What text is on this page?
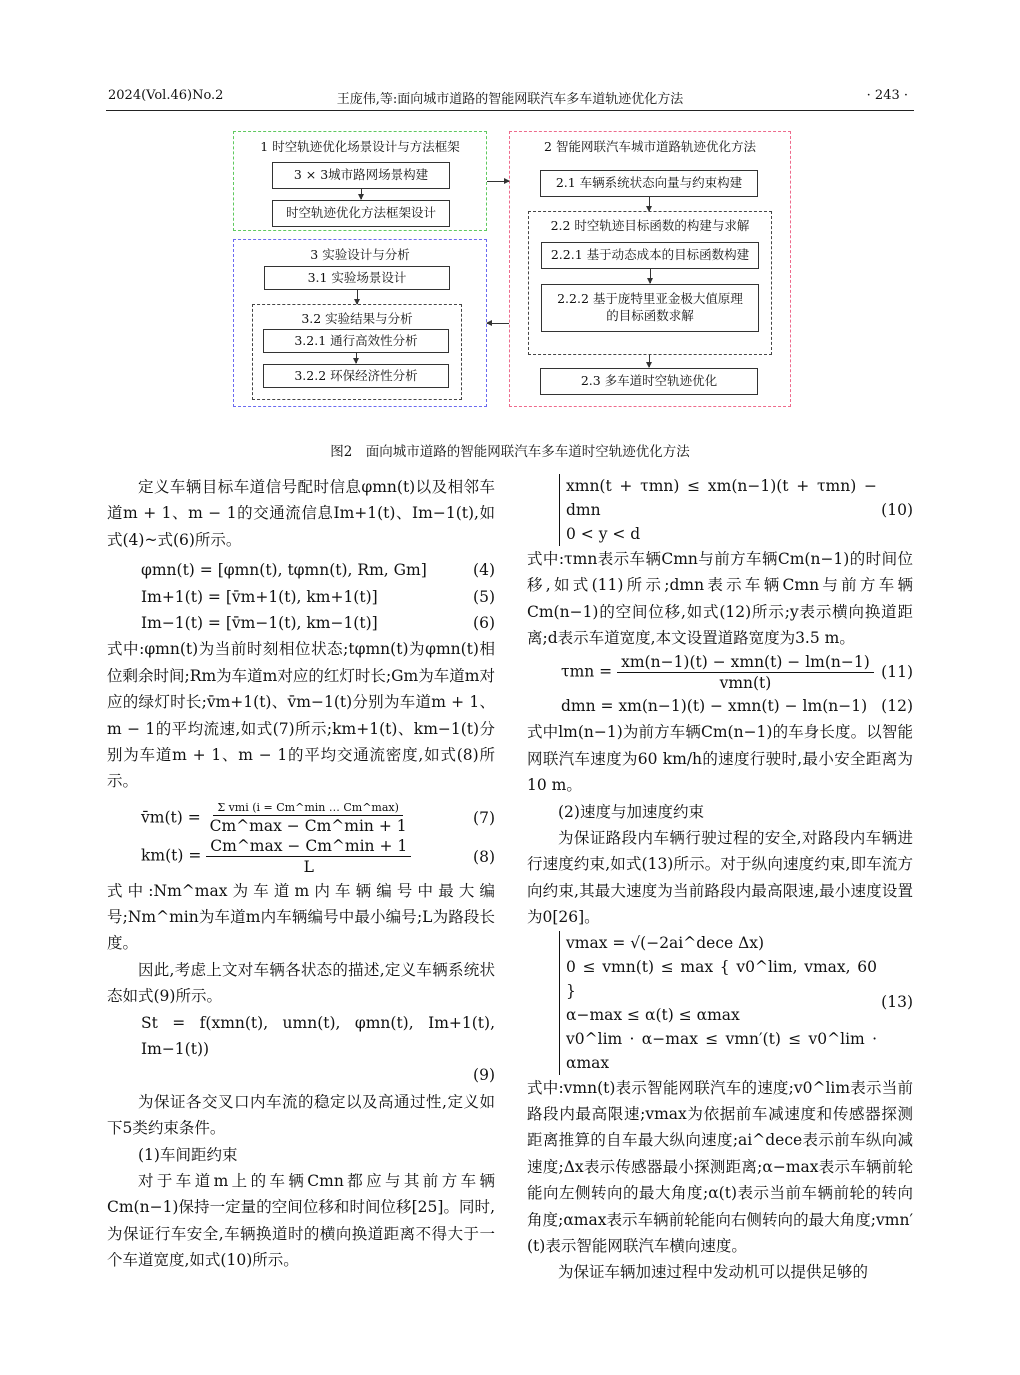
2024(Vol.46)No.2	王庞伟,等:面向城市道路的智能网联汽车多车道轨迹优化方法	· 243 ·
1 时空轨迹优化场景设计与方法框架
3 × 3城市路网场景构建
时空轨迹优化方法框架设计
3 实验设计与分析
3.1 实验场景设计
3.2 实验结果与分析
3.2.1 通行高效性分析
3.2.2 环保经济性分析
2 智能网联汽车城市道路轨迹优化方法
2.1 车辆系统状态向量与约束构建
2.2 时空轨迹目标函数的构建与求解
2.2.1 基于动态成本的目标函数构建
2.2.2 基于庞特里亚金极大值原理
的目标函数求解
2.3 多车道时空轨迹优化
图2　面向城市道路的智能网联汽车多车道时空轨迹优化方法

定义车辆目标车道信号配时信息φmn(t)以及相邻车道m + 1、m − 1的交通流信息Im+1(t)、Im−1(t),如式(4)~式(6)所示。

φmn(t) = [φmn(t), tφmn(t), Rm, Gm]	(4)
Im+1(t) = [v̄m+1(t), km+1(t)]	(5)
Im−1(t) = [v̄m−1(t), km−1(t)]	(6)

式中:φmn(t)为当前时刻相位状态;tφmn(t)为φmn(t)相位剩余时间;Rm为车道m对应的红灯时长;Gm为车道m对应的绿灯时长;v̄m+1(t)、v̄m−1(t)分别为车道m + 1、m − 1的平均流速,如式(7)所示;km+1(t)、km−1(t)分别为车道m + 1、m − 1的平均交通流密度,如式(8)所示。

v̄m(t) = $\frac{\text{Σ vmi (i = Cm\textasciicircum{}min … Cm\textasciicircum{}max)}}{Cm\^{}\max - Cm\^{}\min + 1}$	(7)
$km(t) = \frac{Cm\^{}\max - Cm\^{}\min + 1}{L}$	(8)

式中:Nm^max为车道m内车辆编号中最大编号;Nm^min为车道m内车辆编号中最小编号;L为路段长度。

因此,考虑上文对车辆各状态的描述,定义车辆系统状态如式(9)所示。

St = f(xmn(t), umn(t), φmn(t), Im+1(t), Im−1(t))
(9)

为保证各交叉口内车流的稳定以及高通过性,定义如下5类约束条件。

(1)车间距约束

对于车道m上的车辆Cmn都应与其前方车辆Cm(n−1)保持一定量的空间位移和时间位移[25]。同时,为保证行车安全,车辆换道时的横向换道距离不得大于一个车道宽度,如式(10)所示。

xmn(t + τmn) ≤ xm(n−1)(t + τmn) − dmn
0 < y < d
(10)

式中:τmn表示车辆Cmn与前方车辆Cm(n−1)的时间位移,如式(11)所示;dmn表示车辆Cmn与前方车辆Cm(n−1)的空间位移,如式(12)所示;y表示横向换道距离;d表示车道宽度,本文设置道路宽度为3.5 m。

$\tau mn = \frac{\text{xm(n−1)(t) − xmn(t) − lm(n−1)}}{\text{vmn(t)}} (11)$
dmn = xm(n−1)(t) − xmn(t) − lm(n−1) (12)

式中lm(n−1)为前方车辆Cm(n−1)的车身长度。以智能网联汽车速度为60 km/h的速度行驶时,最小安全距离为10 m。

(2)速度与加速度约束

为保证路段内车辆行驶过程的安全,对路段内车辆进行速度约束,如式(13)所示。对于纵向速度约束,即车流方向约束,其最大速度为当前路段内最高限速,最小速度设置为0[26]。

vmax = √(−2ai^dece Δx)
0 ≤ vmn(t) ≤ max { v0^lim, vmax, 60 }
α−max ≤ α(t) ≤ αmax
v0^lim · α−max ≤ vmn′(t) ≤ v0^lim · αmax
(13)

式中:vmn(t)表示智能网联汽车的速度;v0^lim表示当前路段内最高限速;vmax为依据前车减速度和传感器探测距离推算的自车最大纵向速度;ai^dece表示前车纵向减速度;Δx表示传感器最小探测距离;α−max表示车辆前轮能向左侧转向的最大角度;α(t)表示当前车辆前轮的转向角度;αmax表示车辆前轮能向右侧转向的最大角度;vmn′(t)表示智能网联汽车横向速度。

为保证车辆加速过程中发动机可以提供足够的
